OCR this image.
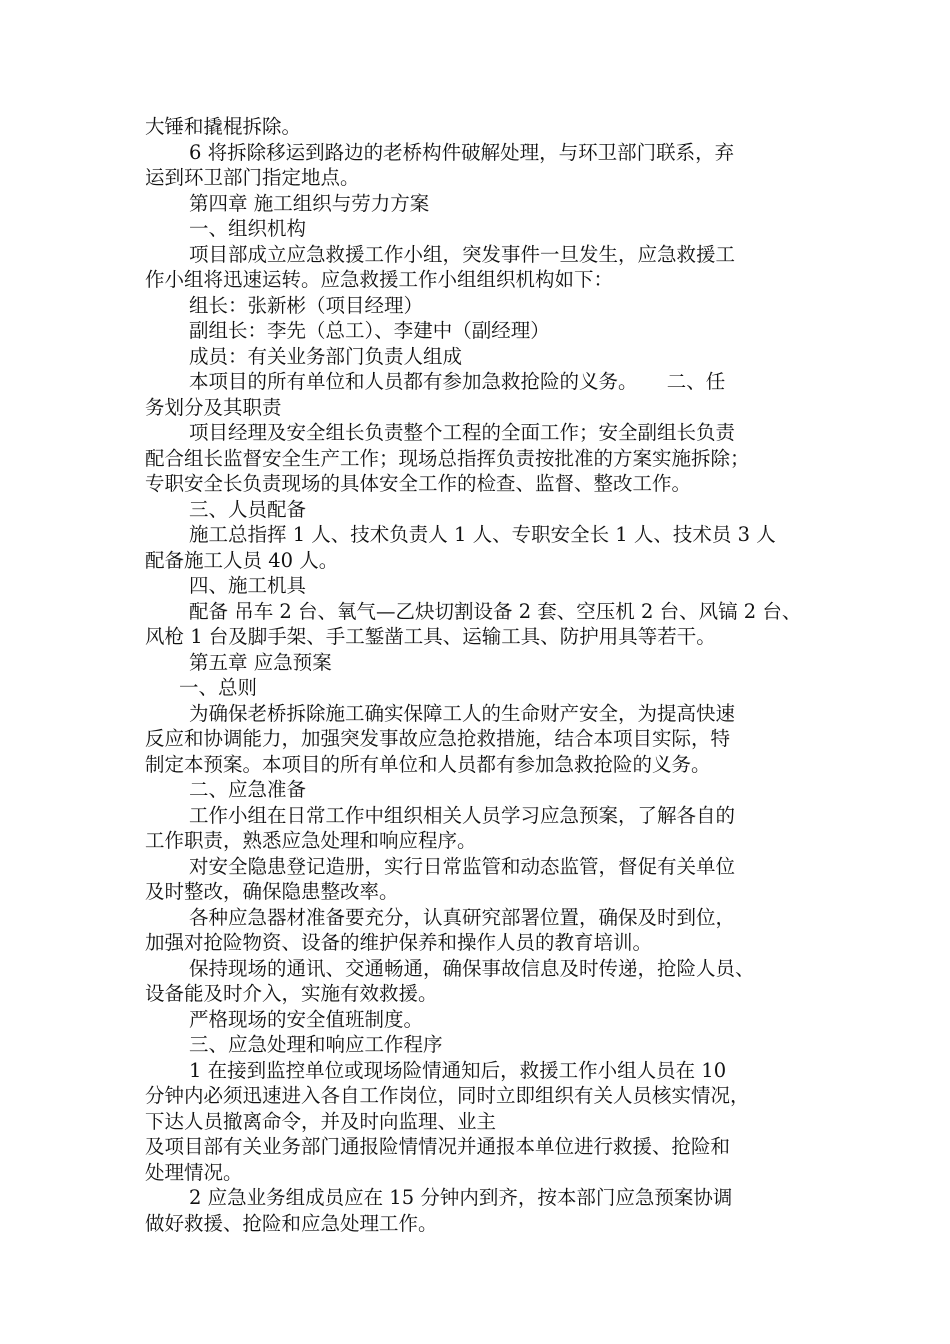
大锤和撬棍拆除。
6 将拆除移运到路边的老桥构件破解处理，与环卫部门联系，弃
运到环卫部门指定地点。
第四章 施工组织与劳力方案
一、组织机构
项目部成立应急救援工作小组，突发事件一旦发生，应急救援工
作小组将迅速运转。应急救援工作小组组织机构如下：
组长：张新彬（项目经理）
副组长：李先（总工）、李建中（副经理）
成员：有关业务部门负责人组成
本项目的所有单位和人员都有参加急救抢险的义务。　　二、任
务划分及其职责
项目经理及安全组长负责整个工程的全面工作；安全副组长负责
配合组长监督安全生产工作；现场总指挥负责按批准的方案实施拆除；
专职安全长负责现场的具体安全工作的检查、监督、整改工作。
三、人员配备
施工总指挥 1 人、技术负责人 1 人、专职安全长 1 人、技术员 3 人
配备施工人员 40 人。
四、施工机具
配备 吊车 2 台、氧气—乙炔切割设备 2 套、空压机 2 台、风镐 2 台、
风枪 1 台及脚手架、手工錾凿工具、运输工具、防护用具等若干。
第五章 应急预案
一、总则
为确保老桥拆除施工确实保障工人的生命财产安全，为提高快速
反应和协调能力，加强突发事故应急抢救措施，结合本项目实际，特
制定本预案。本项目的所有单位和人员都有参加急救抢险的义务。
二、应急准备
工作小组在日常工作中组织相关人员学习应急预案，了解各自的
工作职责，熟悉应急处理和响应程序。
对安全隐患登记造册，实行日常监管和动态监管，督促有关单位
及时整改，确保隐患整改率。
各种应急器材准备要充分，认真研究部署位置，确保及时到位，
加强对抢险物资、设备的维护保养和操作人员的教育培训。
保持现场的通讯、交通畅通，确保事故信息及时传递，抢险人员、
设备能及时介入，实施有效救援。
严格现场的安全值班制度。
三、应急处理和响应工作程序
1 在接到监控单位或现场险情通知后，救援工作小组人员在 10
分钟内必须迅速进入各自工作岗位，同时立即组织有关人员核实情况，
下达人员撤离命令，并及时向监理、业主
及项目部有关业务部门通报险情情况并通报本单位进行救援、抢险和
处理情况。
2 应急业务组成员应在 15 分钟内到齐，按本部门应急预案协调
做好救援、抢险和应急处理工作。
